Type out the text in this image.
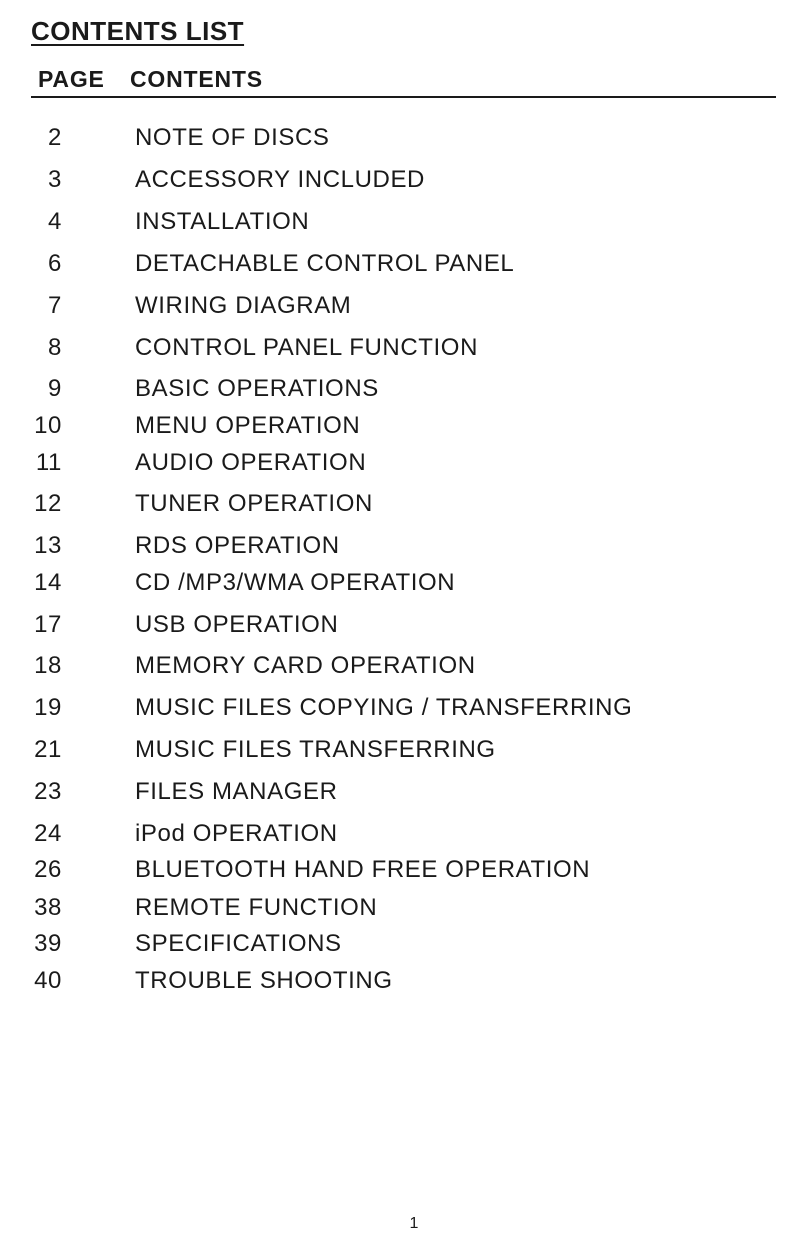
CONTENTS LIST
PAGE CONTENTS
2	NOTE OF DISCS
3	ACCESSORY INCLUDED
4	INSTALLATION
6	DETACHABLE CONTROL PANEL
7	WIRING DIAGRAM
8	CONTROL PANEL FUNCTION
9	BASIC OPERATIONS
10	MENU OPERATION
11	AUDIO OPERATION
12	TUNER OPERATION
13	RDS OPERATION
14	CD /MP3/WMA OPERATION
17	USB OPERATION
18	MEMORY CARD OPERATION
19	MUSIC FILES COPYING / TRANSFERRING
21	MUSIC FILES TRANSFERRING
23	FILES MANAGER
24	iPod OPERATION
26	BLUETOOTH HAND FREE OPERATION
38	REMOTE FUNCTION
39	SPECIFICATIONS
40	TROUBLE SHOOTING
1
